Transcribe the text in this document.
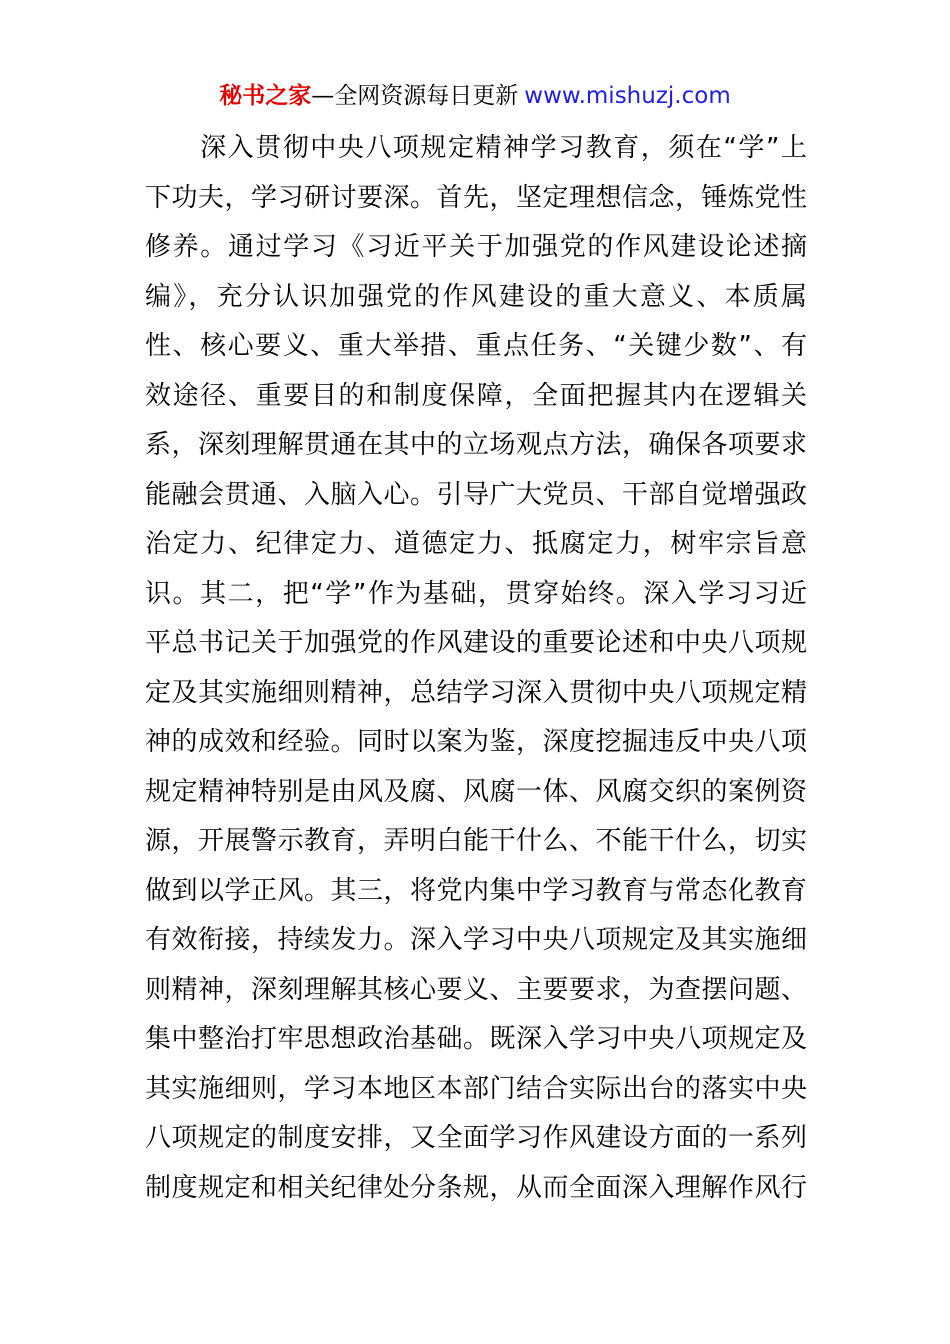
秘书之家—全网资源每日更新 www.mishuzj.com
　　深入贯彻中央八项规定精神学习教育，须在“学”上
下功夫，学习研讨要深。首先，坚定理想信念，锤炼党性
修养。通过学习《习近平关于加强党的作风建设论述摘
编》，充分认识加强党的作风建设的重大意义、本质属
性、核心要义、重大举措、重点任务、“关键少数”、有
效途径、重要目的和制度保障，全面把握其内在逻辑关
系，深刻理解贯通在其中的立场观点方法，确保各项要求
能融会贯通、入脑入心。引导广大党员、干部自觉增强政
治定力、纪律定力、道德定力、抵腐定力，树牢宗旨意
识。其二，把“学”作为基础，贯穿始终。深入学习习近
平总书记关于加强党的作风建设的重要论述和中央八项规
定及其实施细则精神，总结学习深入贯彻中央八项规定精
神的成效和经验。同时以案为鉴，深度挖掘违反中央八项
规定精神特别是由风及腐、风腐一体、风腐交织的案例资
源，开展警示教育，弄明白能干什么、不能干什么，切实
做到以学正风。其三，将党内集中学习教育与常态化教育
有效衔接，持续发力。深入学习中央八项规定及其实施细
则精神，深刻理解其核心要义、主要要求，为查摆问题、
集中整治打牢思想政治基础。既深入学习中央八项规定及
其实施细则，学习本地区本部门结合实际出台的落实中央
八项规定的制度安排，又全面学习作风建设方面的一系列
制度规定和相关纪律处分条规，从而全面深入理解作风行
